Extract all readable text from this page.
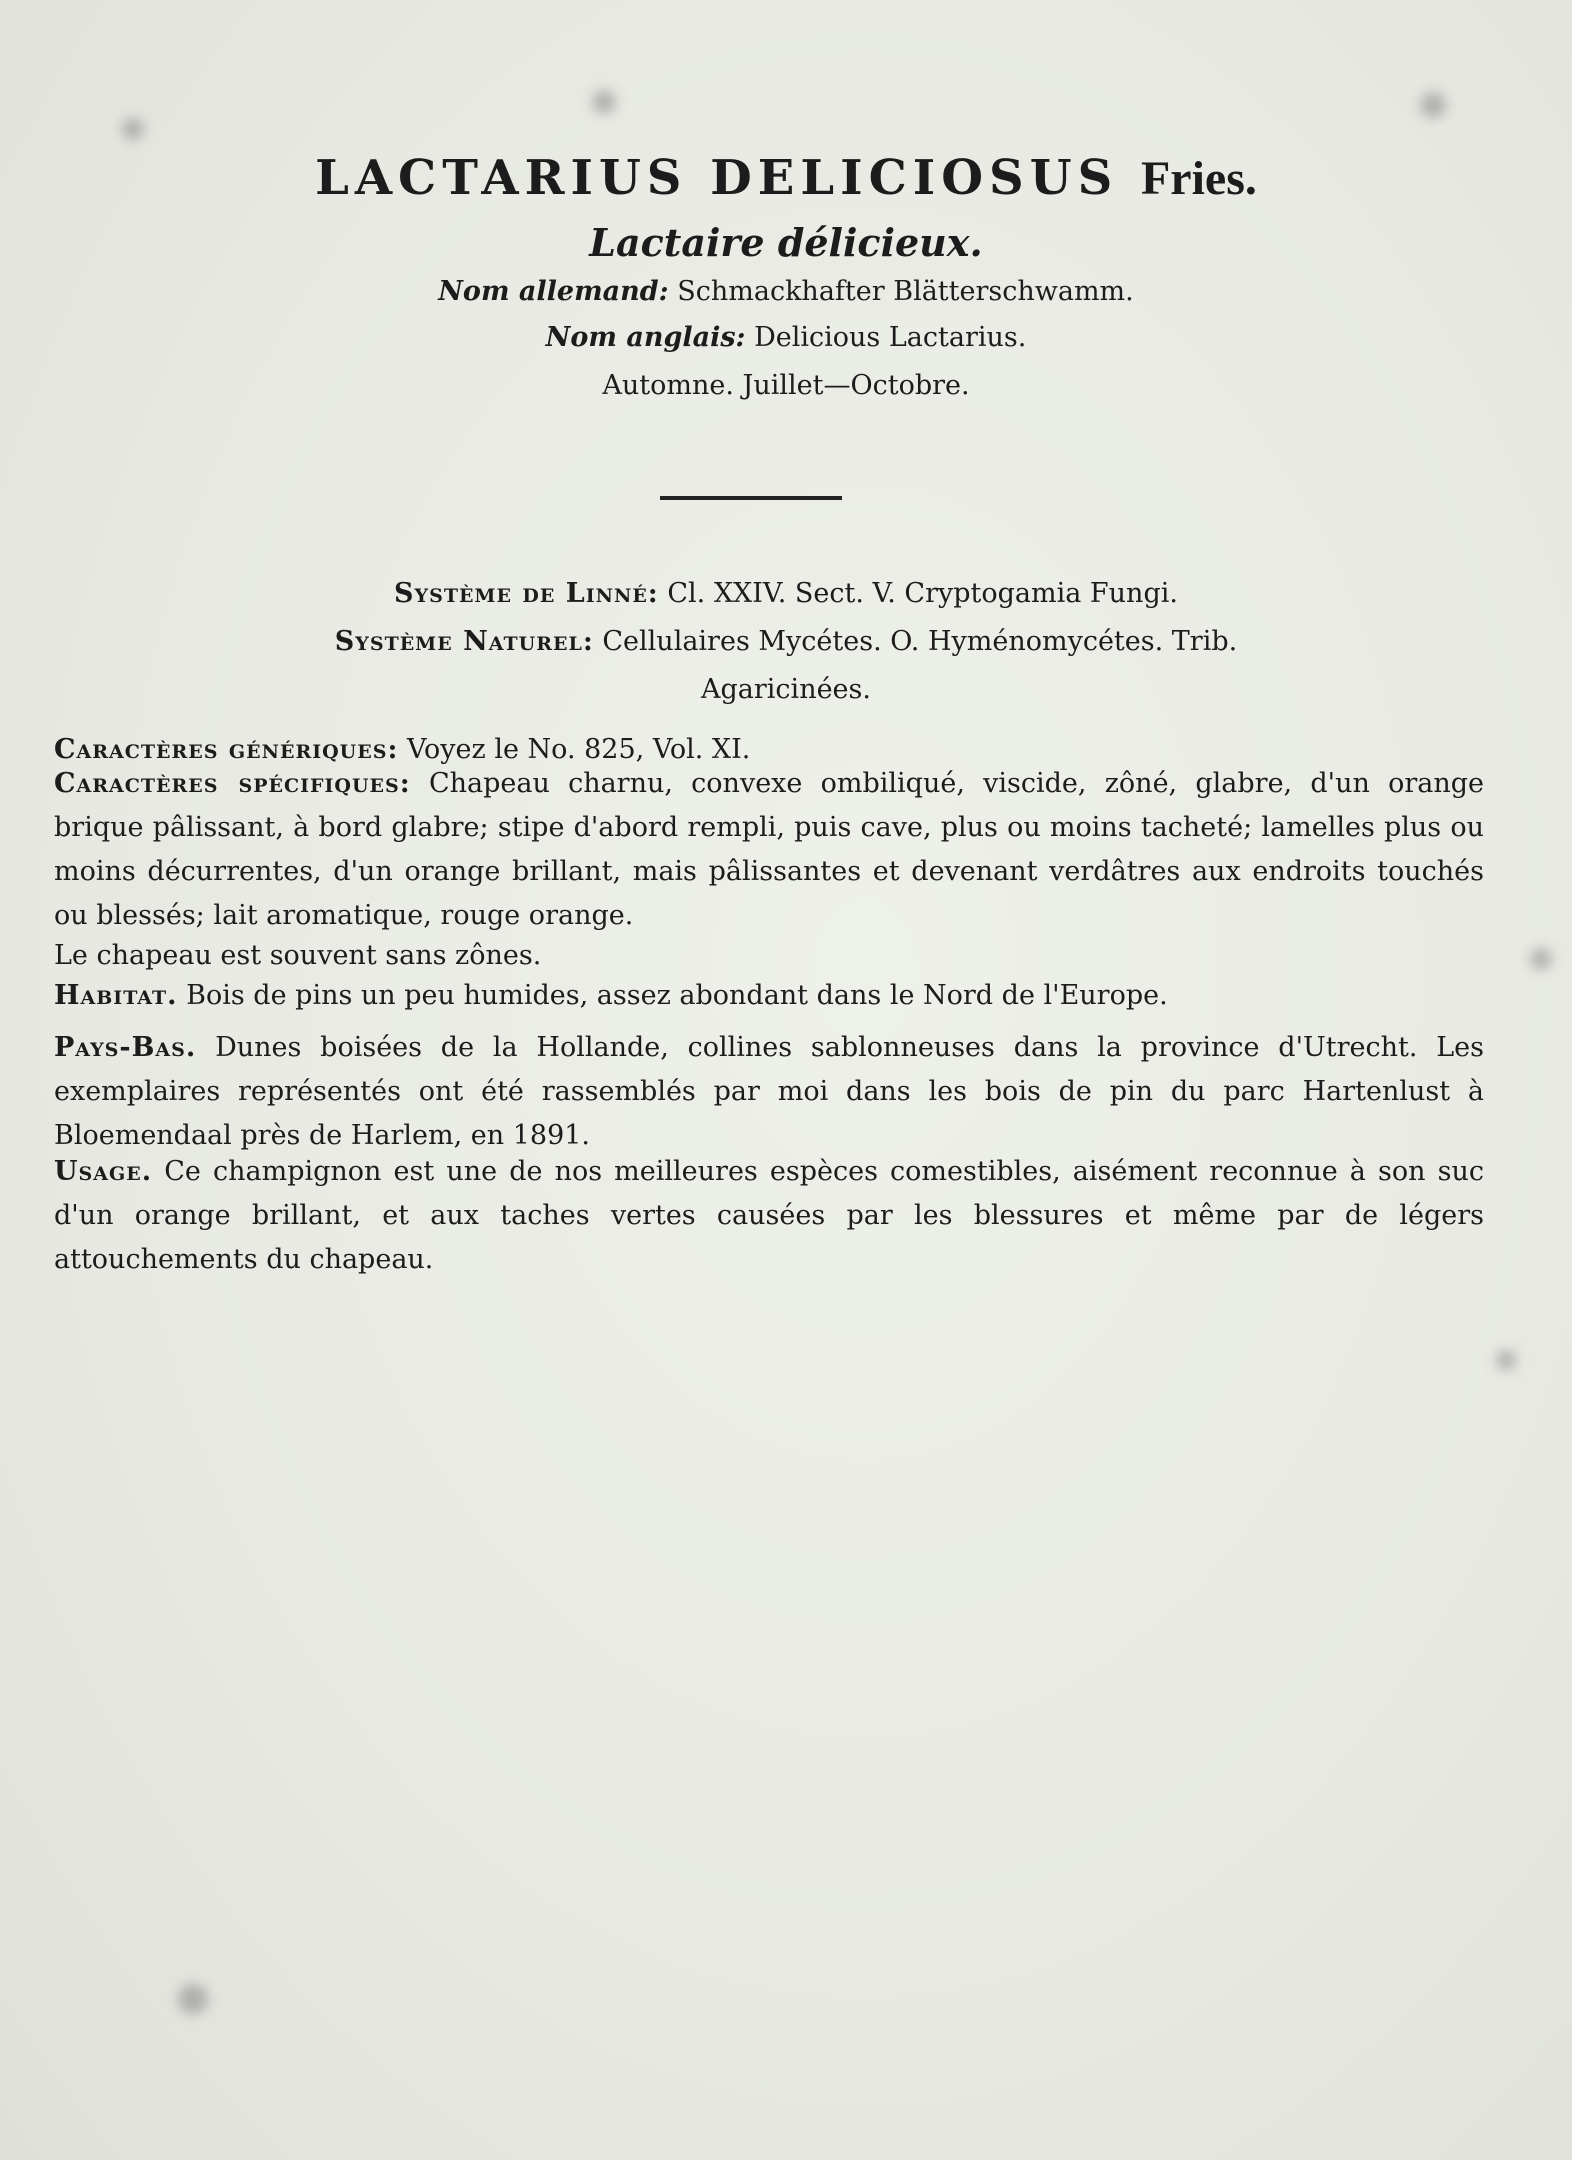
LACTARIUS DELICIOSUS Fries.
Lactaire délicieux.
Nom allemand: Schmackhafter Blätterschwamm.
Nom anglais: Delicious Lactarius.
Automne. Juillet—Octobre.
Système de Linné: Cl. XXIV. Sect. V. Cryptogamia Fungi.
Système Naturel: Cellulaires Mycétes. O. Hyménomycétes. Trib.
Agaricinées.

Caractères génériques: Voyez le No. 825, Vol. XI.

Caractères spécifiques: Chapeau charnu, convexe ombiliqué, viscide, zôné, glabre, d'un orange brique pâlissant, à bord glabre; stipe d'abord rempli, puis cave, plus ou moins tacheté; lamelles plus ou moins décurrentes, d'un orange brillant, mais pâlissantes et devenant verdâtres aux endroits touchés ou blessés; lait aromatique, rouge orange.

Le chapeau est souvent sans zônes.

Habitat. Bois de pins un peu humides, assez abondant dans le Nord de l'Europe.

Pays-Bas. Dunes boisées de la Hollande, collines sablonneuses dans la province d'Utrecht. Les exemplaires représentés ont été rassemblés par moi dans les bois de pin du parc Hartenlust à Bloemendaal près de Harlem, en 1891.

Usage. Ce champignon est une de nos meilleures espèces comestibles, aisément reconnue à son suc d'un orange brillant, et aux taches vertes causées par les blessures et même par de légers attouchements du chapeau.
